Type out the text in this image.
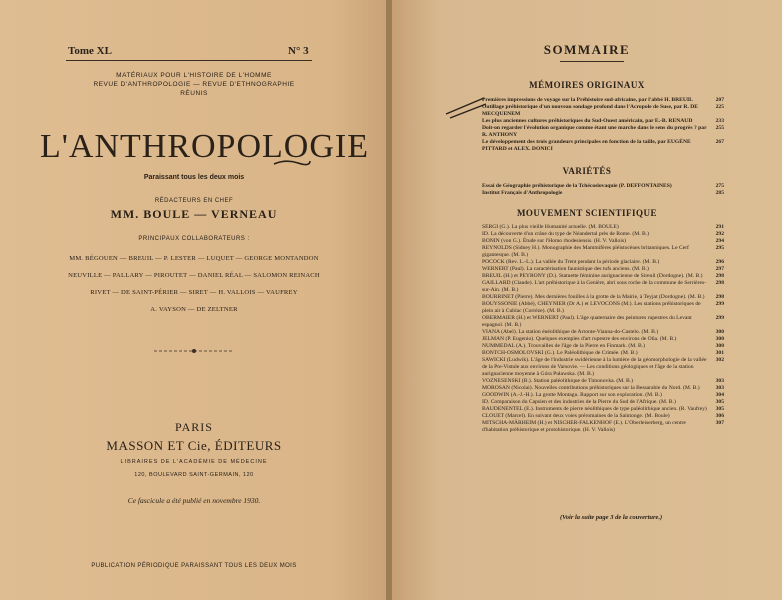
Tome XL	N° 3
MATÉRIAUX POUR L'HISTOIRE DE L'HOMME
REVUE D'ANTHROPOLOGIE — REVUE D'ETHNOGRAPHIE
RÉUNIS
L'ANTHROPOLOGIE
Paraissant tous les deux mois
RÉDACTEURS EN CHEF
MM. BOULE — VERNEAU
PRINCIPAUX COLLABORATEURS :
MM. BÉGOUEN — BREUIL — P. LESTER — LUQUET — GEORGE MONTANDON
NEUVILLE — PALLARY — PIROUTET — DANIEL RÉAL — SALOMON REINACH
RIVET — DE SAINT-PÉRIER — SIRET — H. VALLOIS — VAUFREY
A. VAYSON — DE ZELTNER
PARIS
MASSON ET Cie, ÉDITEURS
LIBRAIRES DE L'ACADÉMIE DE MÉDECINE
120, BOULEVARD SAINT-GERMAIN, 120
Ce fascicule a été publié en novembre 1930.
PUBLICATION PÉRIODIQUE PARAISSANT TOUS LES DEUX MOIS
SOMMAIRE
MÉMOIRES ORIGINAUX
Premières impressions de voyage sur la Préhistoire sud-africaine, par l'abbé H. BREUIL	207
Outillage préhistorique d'un nouveau sondage profond dans l'Acropole de Suse, par R. DE MECQUENEM
225
Les plus anciennes cultures préhistoriques du Sud-Ouest américain, par E.-B. RENAUD	233
Doit-on regarder l'évolution organique comme étant une marche dans le sens du progrès ? par R. ANTHONY
255
Le développement des trois grandeurs principales en fonction de la taille, par EUGÈNE PITTARD et ALEX. DONICI
267
VARIÉTÉS
Essai de Géographie préhistorique de la Tchécoslovaquie (P. DEFFONTAINES)	275
Institut Français d'Anthropologie	285
MOUVEMENT SCIENTIFIQUE
SERGI (G.). La plus vieille Humanité actuelle. (M. BOULE)	291
ID. La découverte d'un crâne du type de Néandertal près de Rome. (M. B.)	292
BONIN (von G.). Étude sur l'Homo rhodesiensis. (H. V. Vallois)	294
REYNOLDS (Sidney H.). Monographie des Mammifères pléistocènes britanniques. Le Cerf gigantesque. (M. B.)
295
POCOCK (Rev. L.-L.). La vallée du Trent pendant la période glaciaire. (M. B.)	296
WERNERT (Paul). La caractérisation faunistique des tufs anciens. (M. B.)	297
BREUIL (H.) et PEYRONY (D.). Statuette féminine aurignacienne de Sireuil (Dordogne). (M. B.)	298
GAILLARD (Claude). L'art préhistorique à la Genière, abri sous roche de la commune de Serrières-sur-Ain. (M. B.)
298
BOURRINET (Pierre). Mes dernières fouilles à la grotte de la Mairie, à Teyjat (Dordogne). (M. B.)	298
BOUYSSONIE (Abbé), CHEYNIER (Dr A.) et LEVOCONS (M.). Les stations préhistoriques de plein air à Cublac (Corrèze). (M. B.)
299
OBERMAIER (H.) et WERNERT (Paul). L'âge quaternaire des peintures rupestres du Levant espagnol. (M. B.)
299
VIANA (Abel). La station énéolithique de Arronte-Vianna-do-Castelo. (M. B.)	300
JELMAN (P. Eugenio). Quelques exemples d'art rupestre des environs de Oña. (M. B.)	300
NUMMEDAL (A.). Trouvailles de l'âge de la Pierre en Finmark. (M. B.)	300
BONTCH-OSMOLOVSKI (G.). Le Paléolithique de Crimée. (M. B.)	301
SAWICKI (Ludwik). L'âge de l'industrie swidérienne à la lumière de la géomorphologie de la vallée de la Pre-Vistule aux environs de Varsovie. — Les conditions géologiques et l'âge de la station aurignacienne moyenne à Góra Puławska. (M. B.)
302
VOZNESENSKI (B.). Station paléolithique de Timonovka. (M. B.)	303
MOROSAN (Nicolai). Nouvelles contributions préhistoriques sur la Bessarabie du Nord. (M. B.)	303
GOODWIN (A.-J.-H.). La grotte Montagu. Rapport sur son exploration. (M. B.)	304
ID. Comparaison du Capsien et des industries de la Pierre du Sud de l'Afrique. (M. B.)	305
BAUDENENTEL (E.). Instruments de pierre néolithiques de type paléolithique ancien. (R. Vaufrey)	305
CLOUET (Marcel). En suivant deux voies préromaines de la Saintonge. (M. Boule)	306
MITSCHA-MÄRHEIM (H.) et NISCHER-FALKENHOF (E.). L'Oberleiserberg, un centre d'habitation préhistorique et protohistorique. (H. V. Vallois)
307
(Voir la suite page 3 de la couverture.)
